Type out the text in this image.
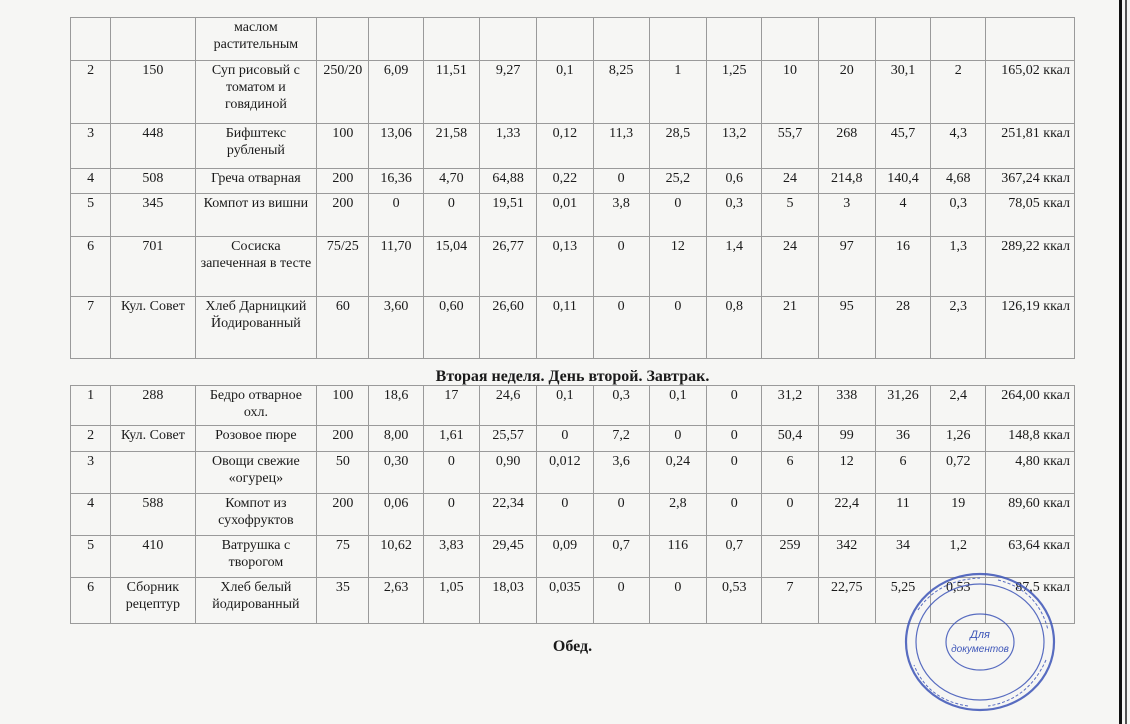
		маслом растительным													
2	150	Суп рисовый с томатом и говядиной	250/20	6,09	11,51	9,27	0,1	8,25	1	1,25	10	20	30,1	2	165,02 ккал
3	448	Бифштекс рубленый	100	13,06	21,58	1,33	0,12	11,3	28,5	13,2	55,7	268	45,7	4,3	251,81 ккал
4	508	Греча отварная	200	16,36	4,70	64,88	0,22	0	25,2	0,6	24	214,8	140,4	4,68	367,24 ккал
5	345	Компот из вишни	200	0	0	19,51	0,01	3,8	0	0,3	5	3	4	0,3	78,05 ккал
6	701	Сосиска запеченная в тесте	75/25	11,70	15,04	26,77	0,13	0	12	1,4	24	97	16	1,3	289,22 ккал
7	Кул. Совет	Хлеб Дарницкий Йодированный	60	3,60	0,60	26,60	0,11	0	0	0,8	21	95	28	2,3	126,19 ккал
Вторая неделя. День второй. Завтрак.
1	288	Бедро отварное охл.	100	18,6	17	24,6	0,1	0,3	0,1	0	31,2	338	31,26	2,4	264,00 ккал
2	Кул. Совет	Розовое пюре	200	8,00	1,61	25,57	0	7,2	0	0	50,4	99	36	1,26	148,8 ккал
3		Овощи свежие «огурец»	50	0,30	0	0,90	0,012	3,6	0,24	0	6	12	6	0,72	4,80 ккал
4	588	Компот из сухофруктов	200	0,06	0	22,34	0	0	2,8	0	0	22,4	11	19	89,60 ккал
5	410	Ватрушка с творогом	75	10,62	3,83	29,45	0,09	0,7	116	0,7	259	342	34	1,2	63,64 ккал
6	Сборник рецептур	Хлеб белый йодированный	35	2,63	1,05	18,03	0,035	0	0	0,53	7	22,75	5,25	0,53	87,5 ккал
Обед.
Для
документов
